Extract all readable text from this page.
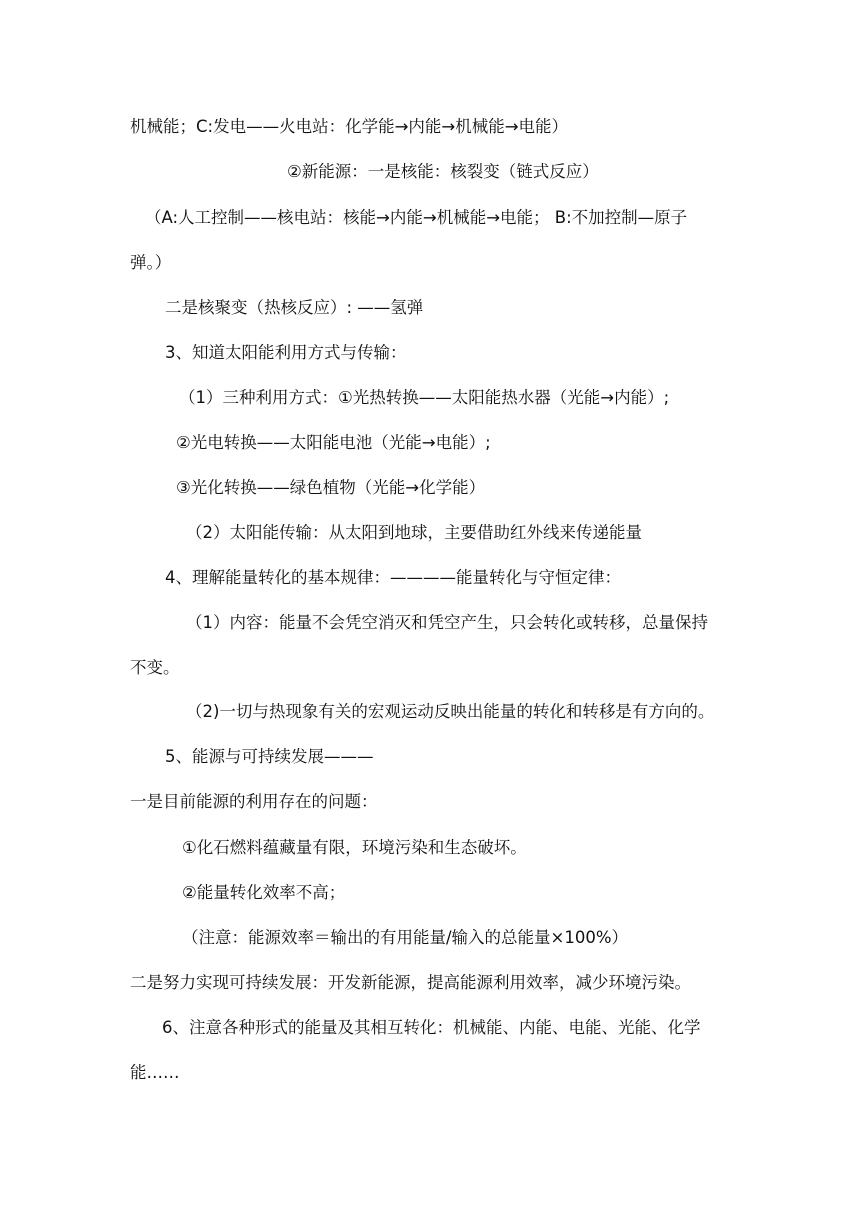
机械能；C:发电——火电站：化学能→内能→机械能→电能）
②新能源：一是核能：核裂变（链式反应）
（A:人工控制——核电站：核能→内能→机械能→电能； B:不加控制—原子
弹。）
二是核聚变（热核反应）: ——氢弹
3、知道太阳能利用方式与传输：
（1）三种利用方式：①光热转换——太阳能热水器（光能→内能）;
②光电转换——太阳能电池（光能→电能）;
③光化转换——绿色植物（光能→化学能）
（2）太阳能传输：从太阳到地球，主要借助红外线来传递能量
4、理解能量转化的基本规律：————能量转化与守恒定律：
（1）内容：能量不会凭空消灭和凭空产生，只会转化或转移，总量保持
不变。
（2)一切与热现象有关的宏观运动反映出能量的转化和转移是有方向的。
5、能源与可持续发展———
一是目前能源的利用存在的问题：
①化石燃料蕴藏量有限，环境污染和生态破坏。
②能量转化效率不高；
（注意：能源效率＝输出的有用能量/输入的总能量×100%）
二是努力实现可持续发展：开发新能源，提高能源利用效率，减少环境污染。
6、注意各种形式的能量及其相互转化：机械能、内能、电能、光能、化学
能……
